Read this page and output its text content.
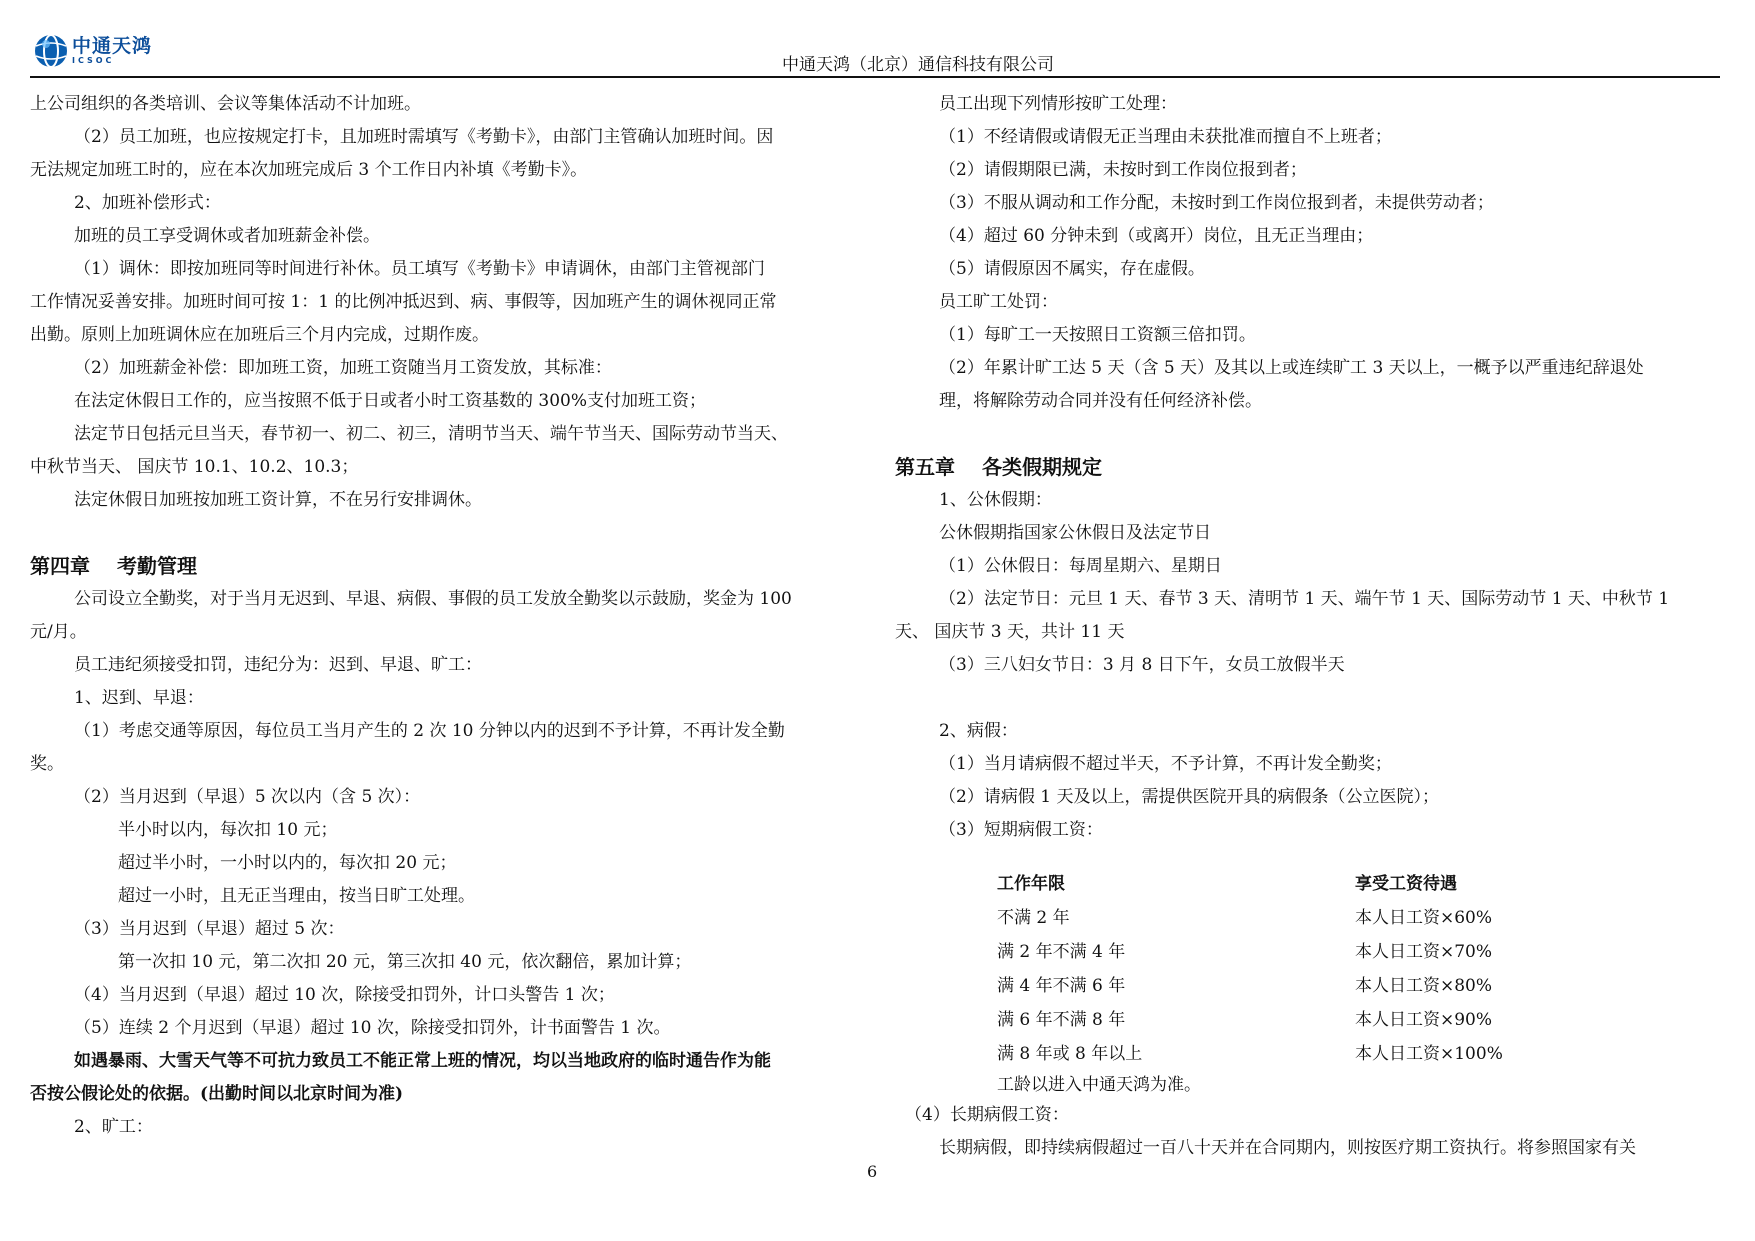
中通天鸿
ICSOC	中通天鸿（北京）通信科技有限公司

上公司组织的各类培训、会议等集体活动不计加班。

（2）员工加班，也应按规定打卡，且加班时需填写《考勤卡》，由部门主管确认加班时间。因

无法规定加班工时的，应在本次加班完成后 3 个工作日内补填《考勤卡》。

2、加班补偿形式：

加班的员工享受调休或者加班薪金补偿。

（1）调休：即按加班同等时间进行补休。员工填写《考勤卡》申请调休，由部门主管视部门

工作情况妥善安排。加班时间可按 1：1 的比例冲抵迟到、病、事假等，因加班产生的调休视同正常

出勤。原则上加班调休应在加班后三个月内完成，过期作废。

（2）加班薪金补偿：即加班工资，加班工资随当月工资发放，其标准：

在法定休假日工作的，应当按照不低于日或者小时工资基数的 300%支付加班工资；

法定节日包括元旦当天，春节初一、初二、初三，清明节当天、端午节当天、国际劳动节当天、

中秋节当天、 国庆节 10.1、10.2、10.3；

法定休假日加班按加班工资计算，不在另行安排调休。

第四章　 考勤管理

公司设立全勤奖，对于当月无迟到、早退、病假、事假的员工发放全勤奖以示鼓励，奖金为 100

元/月。

员工违纪须接受扣罚，违纪分为：迟到、早退、旷工：

1、迟到、早退：

（1）考虑交通等原因，每位员工当月产生的 2 次 10 分钟以内的迟到不予计算，不再计发全勤

奖。

（2）当月迟到（早退）5 次以内（含 5 次）：

半小时以内，每次扣 10 元；

超过半小时，一小时以内的，每次扣 20 元；

超过一小时，且无正当理由，按当日旷工处理。

（3）当月迟到（早退）超过 5 次：

第一次扣 10 元，第二次扣 20 元，第三次扣 40 元，依次翻倍，累加计算；

（4）当月迟到（早退）超过 10 次，除接受扣罚外，计口头警告 1 次；

（5）连续 2 个月迟到（早退）超过 10 次，除接受扣罚外，计书面警告 1 次。

如遇暴雨、大雪天气等不可抗力致员工不能正常上班的情况，均以当地政府的临时通告作为能

否按公假论处的依据。(出勤时间以北京时间为准)

2、旷工：

员工出现下列情形按旷工处理：

（1）不经请假或请假无正当理由未获批准而擅自不上班者；

（2）请假期限已满，未按时到工作岗位报到者；

（3）不服从调动和工作分配，未按时到工作岗位报到者，未提供劳动者；

（4）超过 60 分钟未到（或离开）岗位，且无正当理由；

（5）请假原因不属实，存在虚假。

员工旷工处罚：

（1）每旷工一天按照日工资额三倍扣罚。

（2）年累计旷工达 5 天（含 5 天）及其以上或连续旷工 3 天以上，一概予以严重违纪辞退处

理，将解除劳动合同并没有任何经济补偿。

第五章　 各类假期规定

1、公休假期：

公休假期指国家公休假日及法定节日

（1）公休假日：每周星期六、星期日

（2）法定节日：元旦 1 天、春节 3 天、清明节 1 天、端午节 1 天、国际劳动节 1 天、中秋节 1

天、 国庆节 3 天，共计 11 天

（3）三八妇女节日：3 月 8 日下午，女员工放假半天

2、病假：

（1）当月请病假不超过半天，不予计算，不再计发全勤奖；

（2）请病假 1 天及以上，需提供医院开具的病假条（公立医院）；

（3）短期病假工资：

工作年限	享受工资待遇
不满 2 年	本人日工资×60%
满 2 年不满 4 年	本人日工资×70%
满 4 年不满 6 年	本人日工资×80%
满 6 年不满 8 年	本人日工资×90%
满 8 年或 8 年以上	本人日工资×100%

工龄以进入中通天鸿为准。

（4）长期病假工资：

长期病假，即持续病假超过一百八十天并在合同期内，则按医疗期工资执行。将参照国家有关

6
